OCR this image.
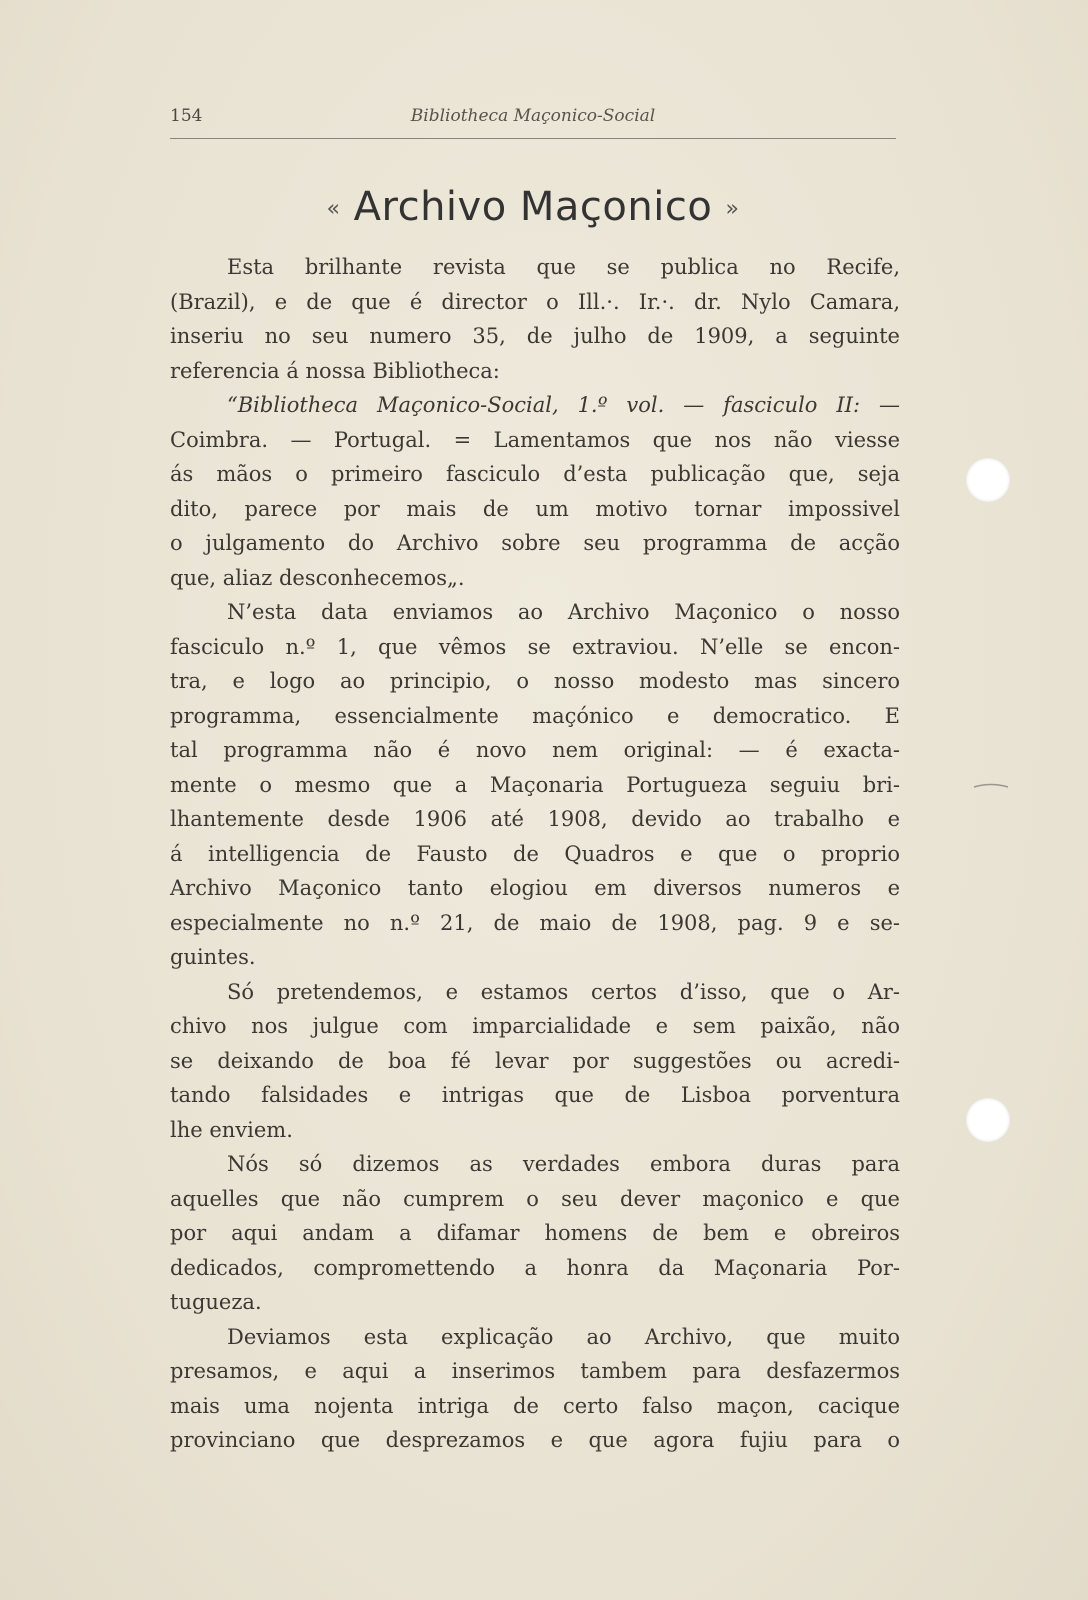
154	Bibliotheca Maçonico-Social
« Archivo Maçonico »
Esta brilhante revista que se publica no Recife,
(Brazil), e de que é director o Ill.·. Ir.·. dr. Nylo Camara,
inseriu no seu numero 35, de julho de 1909, a seguinte
referencia á nossa Bibliotheca:
“Bibliotheca Maçonico-Social, 1.º vol. — fasciculo II: —
Coimbra. — Portugal. = Lamentamos que nos não viesse
ás mãos o primeiro fasciculo d’esta publicação que, seja
dito, parece por mais de um motivo tornar impossivel
o julgamento do Archivo sobre seu programma de acção
que, aliaz desconhecemos„.
N’esta data enviamos ao Archivo Maçonico o nosso
fasciculo n.º 1, que vêmos se extraviou. N’elle se encon-
tra, e logo ao principio, o nosso modesto mas sincero
programma, essencialmente maçónico e democratico. E
tal programma não é novo nem original: — é exacta-
mente o mesmo que a Maçonaria Portugueza seguiu bri-
lhantemente desde 1906 até 1908, devido ao trabalho e
á intelligencia de Fausto de Quadros e que o proprio
Archivo Maçonico tanto elogiou em diversos numeros e
especialmente no n.º 21, de maio de 1908, pag. 9 e se-
guintes.
Só pretendemos, e estamos certos d’isso, que o Ar-
chivo nos julgue com imparcialidade e sem paixão, não
se deixando de boa fé levar por suggestões ou acredi-
tando falsidades e intrigas que de Lisboa porventura
lhe enviem.
Nós só dizemos as verdades embora duras para
aquelles que não cumprem o seu dever maçonico e que
por aqui andam a difamar homens de bem e obreiros
dedicados, compromettendo a honra da Maçonaria Por-
tugueza.
Deviamos esta explicação ao Archivo, que muito
presamos, e aqui a inserimos tambem para desfazermos
mais uma nojenta intriga de certo falso maçon, cacique
provinciano que desprezamos e que agora fujiu para o
